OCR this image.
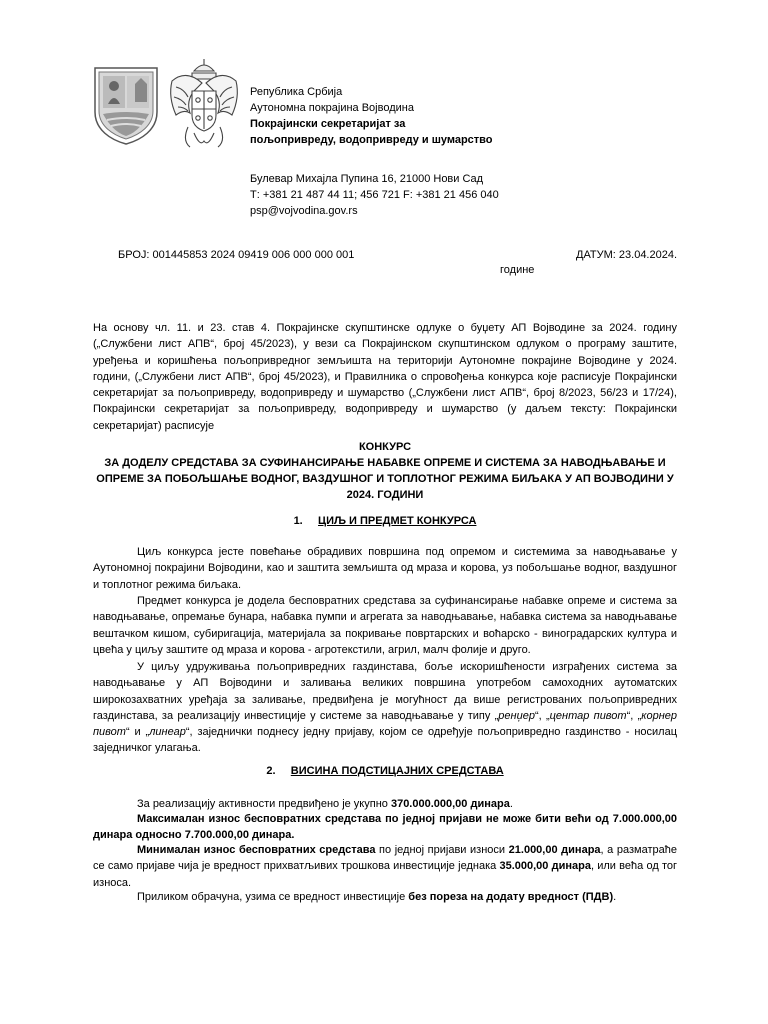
Република Србија
Аутономна покрајина Војводина
Покрајински секретаријат за
пољопривреду, водопривреду и шумарство
Булевар Михајла Пупина 16, 21000 Нови Сад
Т: +381 21 487 44 11; 456 721 F: +381 21 456 040
psp@vojvodina.gov.rs
БРОЈ: 001445853 2024 09419 006 000 000 001	ДАТУМ: 23.04.2024.
године
На основу чл. 11. и 23. став 4. Покрајинске скупштинске одлуке о буџету АП Војводине за 2024. годину („Службени лист АПВ“, број 45/2023), у вези са Покрајинском скупштинском одлуком о програму заштите, уређења и коришћења пољопривредног земљишта на територији Аутономне покрајине Војводине у 2024. години, („Службени лист АПВ“, број 45/2023), и Правилника о спровођења конкурса које расписује Покрајински секретаријат за пољопривреду, водопривреду и шумарство („Службени лист АПВ“, број 8/2023, 56/23 и 17/24), Покрајински секретаријат за пољопривреду, водопривреду и шумарство (у даљем тексту: Покрајински секретаријат) расписује
КОНКУРС
ЗА ДОДЕЛУ СРЕДСТАВА ЗА СУФИНАНСИРАЊЕ НАБАВКЕ ОПРЕМЕ И СИСТЕМА ЗА НАВОДЊАВАЊЕ И ОПРЕМЕ ЗА ПОБОЉШАЊЕ ВОДНОГ, ВАЗДУШНОГ И ТОПЛОТНОГ РЕЖИМА БИЉАКА У АП ВОЈВОДИНИ У 2024. ГОДИНИ
1. ЦИЉ И ПРЕДМЕТ КОНКУРСА
Циљ конкурса јесте повећање обрадивих површина под опремом и системима за наводњавање у Аутономној покрајини Војводини, као и заштита земљишта од мраза и корова, уз побољшање водног, ваздушног и топлотног режима биљака.
Предмет конкурса је додела бесповратних средстава за суфинансирање набавке опреме и система за наводњавање, опремање бунара, набавка пумпи и агрегата за наводњавање, набавка система за наводњавање вештачком кишом, субиригација, материјала за покривање повртарских и воћарско - виноградарских култура и цвећа у циљу заштите од мраза и корова - агротекстили, агрил, малч фолије и друго.
У циљу удруживања пољопривредних газдинстава, боље искоришћености изграђених система за наводњавање у АП Војводини и заливања великих површина употребом самоходних аутоматских широкозахватних уређаја за заливање, предвиђена је могућност да више регистрованих пољопривредних газдинстава, за реализацију инвестиције у системе за наводњавање у типу „ренџер“, „центар пивот“, „корнер пивот“ и „линеар“, заједнички поднесу једну пријаву, којом се одређује пољопривредно газдинство - носилац заједничког улагања.
2. ВИСИНА ПОДСТИЦАЈНИХ СРЕДСТАВА
За реализацију активности предвиђено је укупно 370.000.000,00 динара.
Максималан износ бесповратних средстава по једној пријави не може бити већи од 7.000.000,00 динара односно 7.700.000,00 динара.
Минималан износ бесповратних средстава по једној пријави износи 21.000,00 динара, а разматраће се само пријаве чија је вредност прихватљивих трошкова инвестиције једнака 35.000,00 динара, или већа од тог износа.
Приликом обрачуна, узима се вредност инвестиције без пореза на додату вредност (ПДВ).
